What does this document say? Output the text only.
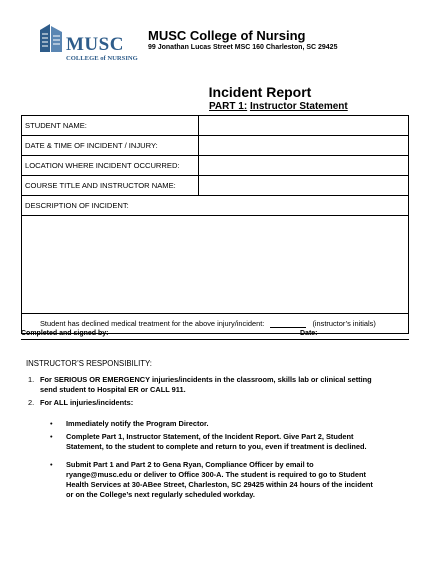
MUSC
COLLEGE of NURSING
MUSC College of Nursing
99 Jonathan Lucas Street MSC 160 Charleston, SC 29425
Incident Report
PART 1: Instructor Statement
STUDENT NAME:	
DATE & TIME OF INCIDENT / INJURY:	
LOCATION WHERE INCIDENT OCCURRED:	
COURSE TITLE AND INSTRUCTOR NAME:	
DESCRIPTION OF INCIDENT:	

Student has declined medical treatment for the above injury/incident: (instructor’s initials)	
Completed and signed by:	Date:
INSTRUCTOR’S RESPONSIBILITY:
1. For SERIOUS OR EMERGENCY injuries/incidents in the classroom, skills lab or clinical setting
send student to Hospital ER or CALL 911.
2. For ALL injuries/incidents:
• Immediately notify the Program Director.
• Complete Part 1, Instructor Statement, of the Incident Report. Give Part 2, Student
Statement, to the student to complete and return to you, even if treatment is declined.
• Submit Part 1 and Part 2 to Gena Ryan, Compliance Officer by email to
ryange@musc.edu or deliver to Office 300-A. The student is required to go to Student
Health Services at 30-ABee Street, Charleston, SC 29425 within 24 hours of the incident
or on the College’s next regularly scheduled workday.
